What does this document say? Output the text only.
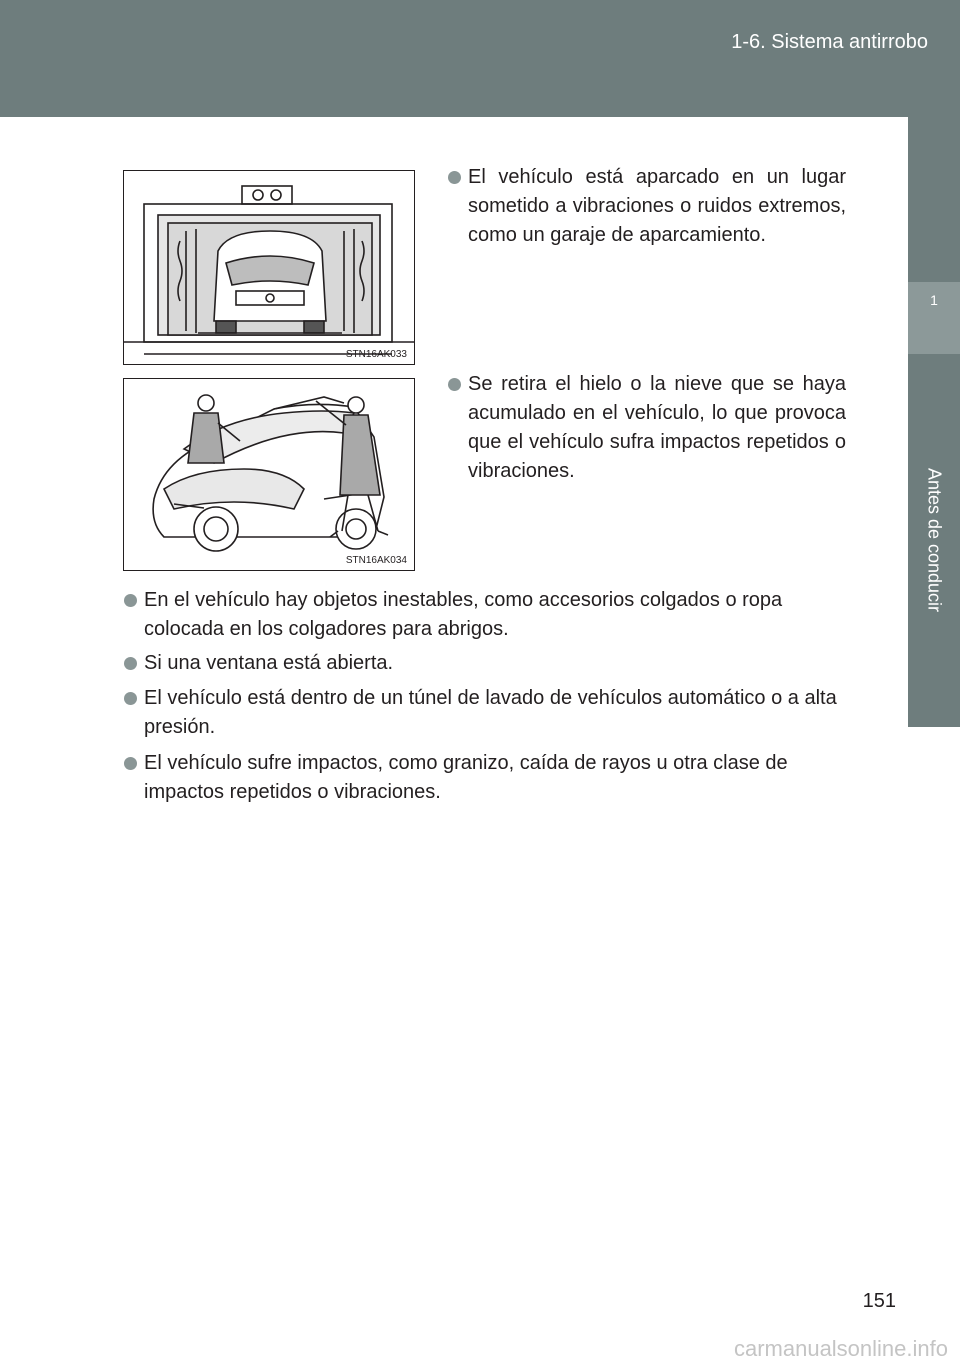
1-6. Sistema antirrobo
1
Antes de conducir
STN16AK033
STN16AK034
El vehículo está aparcado en un lugar sometido a vibraciones o ruidos extremos, como un garaje de aparcamiento.
Se retira el hielo o la nieve que se haya acumulado en el vehículo, lo que provoca que el vehículo sufra impactos repetidos o vibraciones.
En el vehículo hay objetos inestables, como accesorios colgados o ropa colocada en los colgadores para abrigos.
Si una ventana está abierta.
El vehículo está dentro de un túnel de lavado de vehículos automático o a alta presión.
El vehículo sufre impactos, como granizo, caída de rayos u otra clase de impactos repetidos o vibraciones.
151
carmanualsonline.info
